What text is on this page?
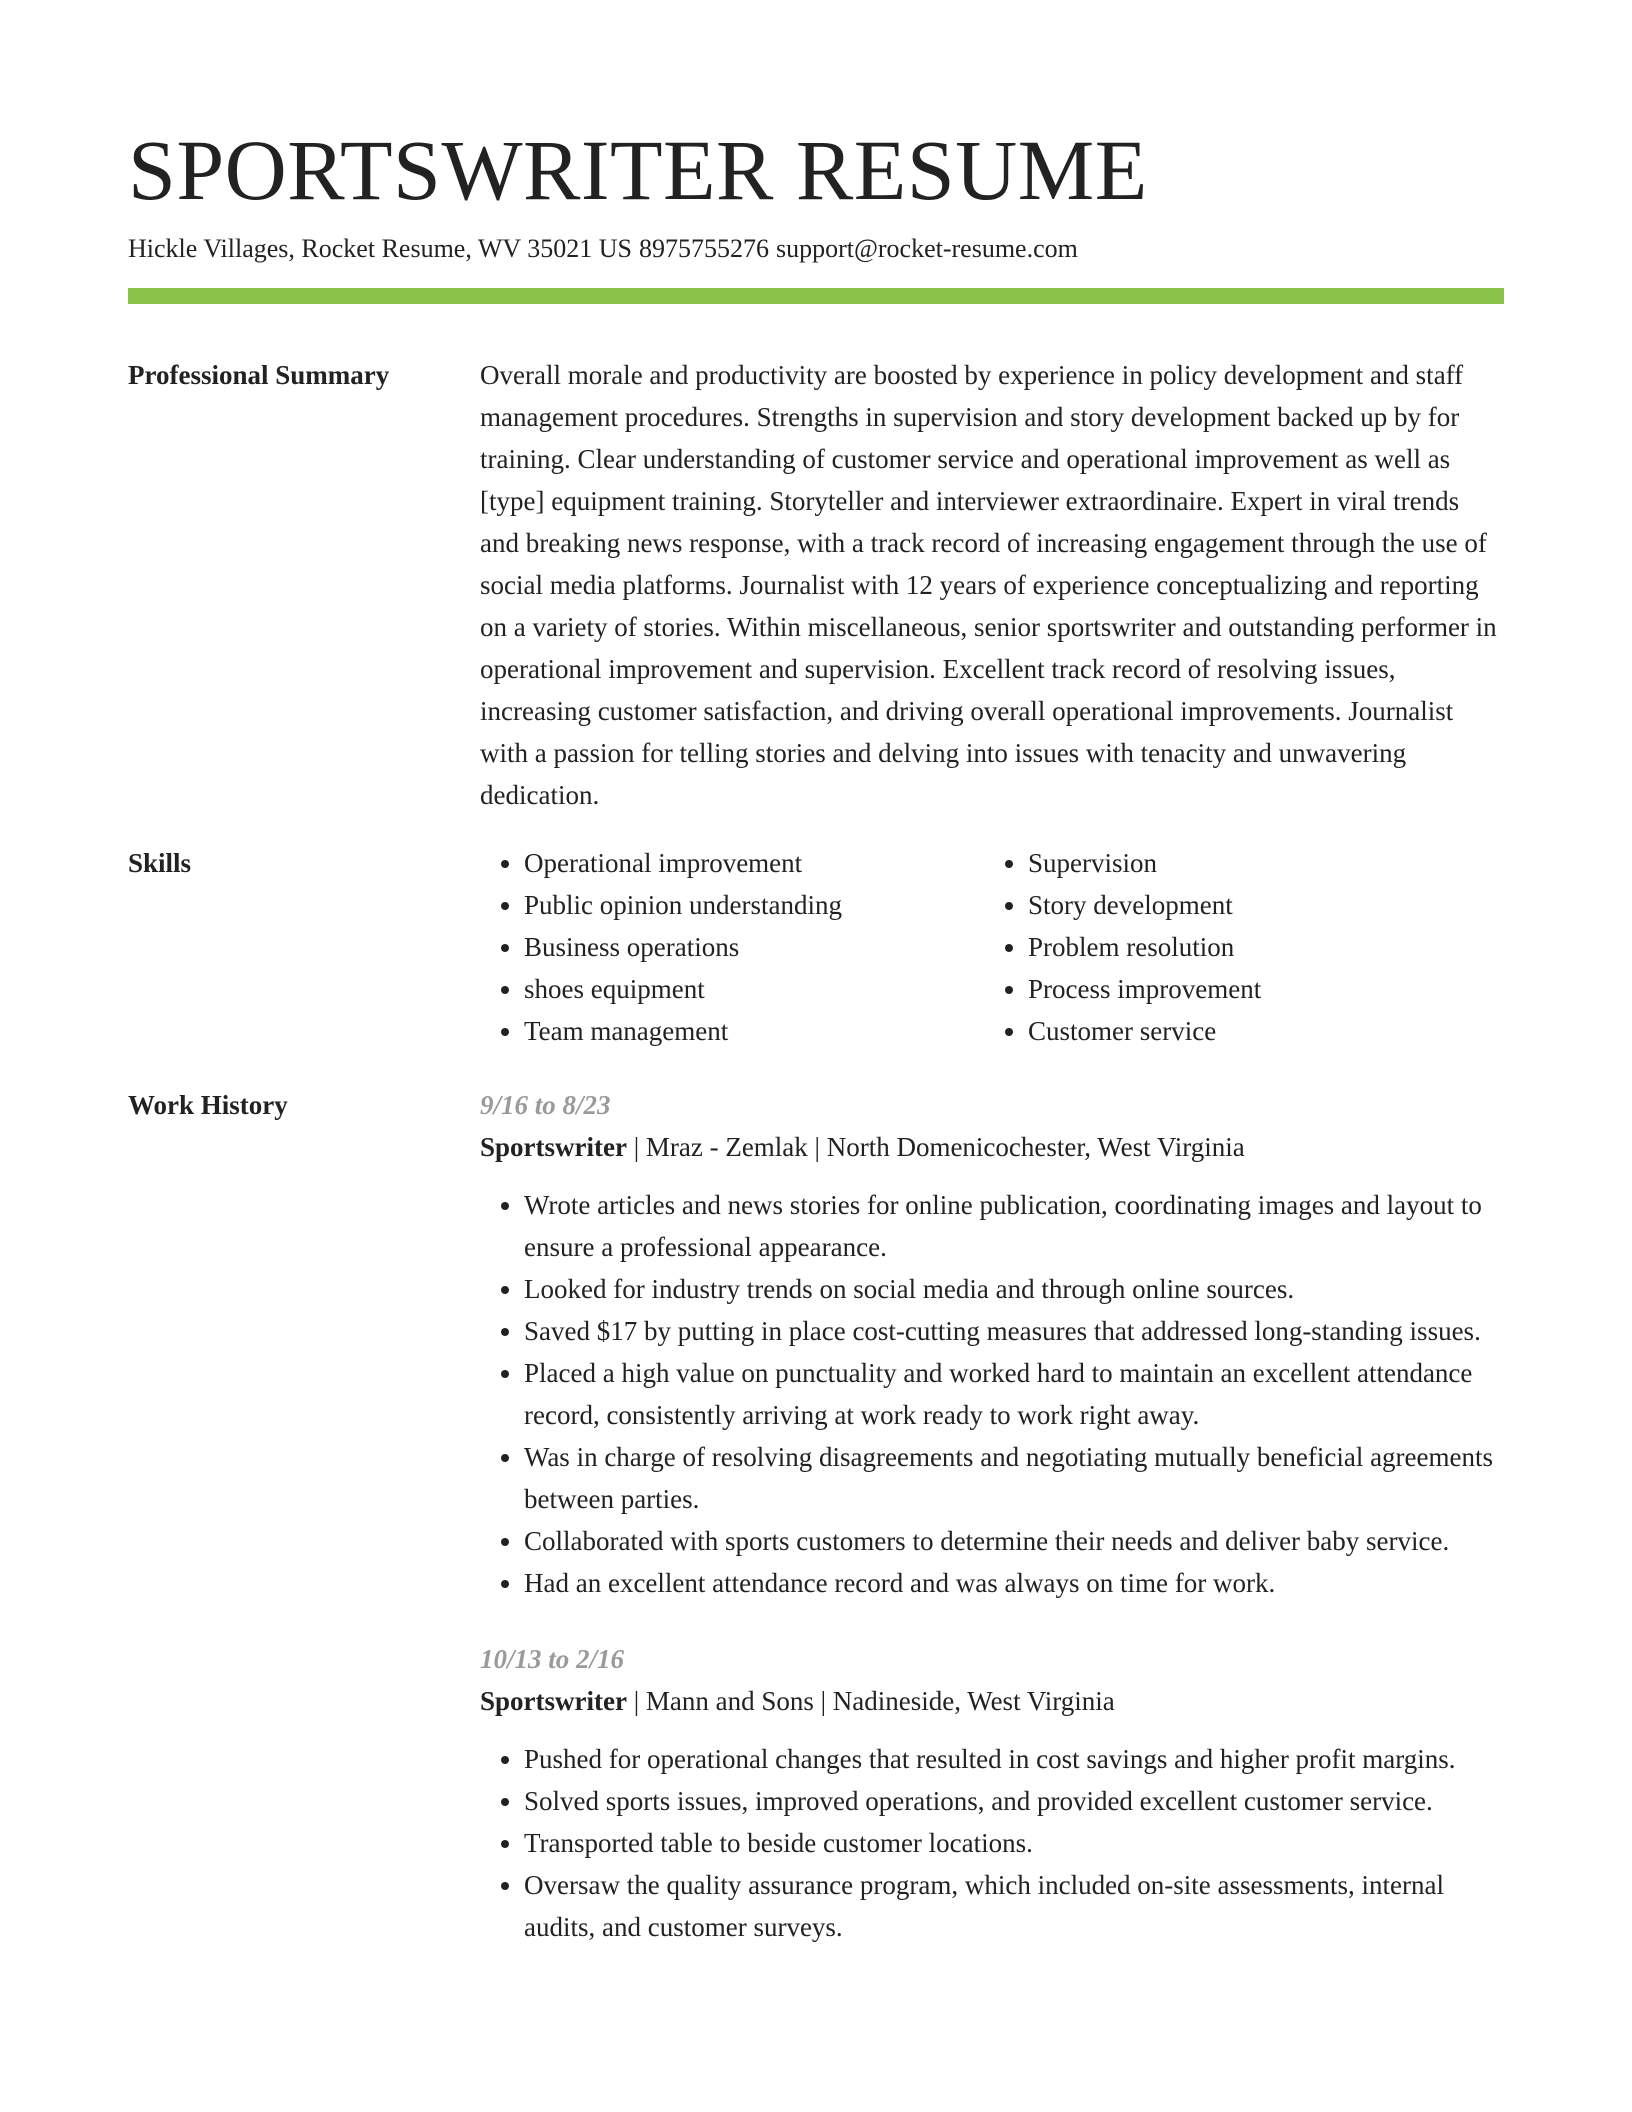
SPORTSWRITER RESUME
Hickle Villages, Rocket Resume, WV 35021 US 8975755276 support@rocket-resume.com
Professional Summary	Overall morale and productivity are boosted by experience in policy development and staff management procedures. Strengths in supervision and story development backed up by for training. Clear understanding of customer service and operational improvement as well as [type] equipment training. Storyteller and interviewer extraordinaire. Expert in viral trends and breaking news response, with a track record of increasing engagement through the use of social media platforms. Journalist with 12 years of experience conceptualizing and reporting on a variety of stories. Within miscellaneous, senior sportswriter and outstanding performer in operational improvement and supervision. Excellent track record of resolving issues, increasing customer satisfaction, and driving overall operational improvements. Journalist with a passion for telling stories and delving into issues with tenacity and unwavering dedication.

Skills
•	Operational improvement
• Public opinion understanding
• Business operations
• shoes equipment
• Team management
• Supervision
• Story development
• Problem resolution
• Process improvement
• Customer service
Work History	9/16 to 8/23
Sportswriter | Mraz - Zemlak | North Domenicochester, West Virginia
• Wrote articles and news stories for online publication, coordinating images and layout to ensure a professional appearance.
• Looked for industry trends on social media and through online sources.
• Saved $17 by putting in place cost-cutting measures that addressed long-standing issues.
• Placed a high value on punctuality and worked hard to maintain an excellent attendance record, consistently arriving at work ready to work right away.
• Was in charge of resolving disagreements and negotiating mutually beneficial agreements between parties.
• Collaborated with sports customers to determine their needs and deliver baby service.
• Had an excellent attendance record and was always on time for work.
10/13 to 2/16
Sportswriter | Mann and Sons | Nadineside, West Virginia
• Pushed for operational changes that resulted in cost savings and higher profit margins.
• Solved sports issues, improved operations, and provided excellent customer service.
• Transported table to beside customer locations.
• Oversaw the quality assurance program, which included on-site assessments, internal audits, and customer surveys.
